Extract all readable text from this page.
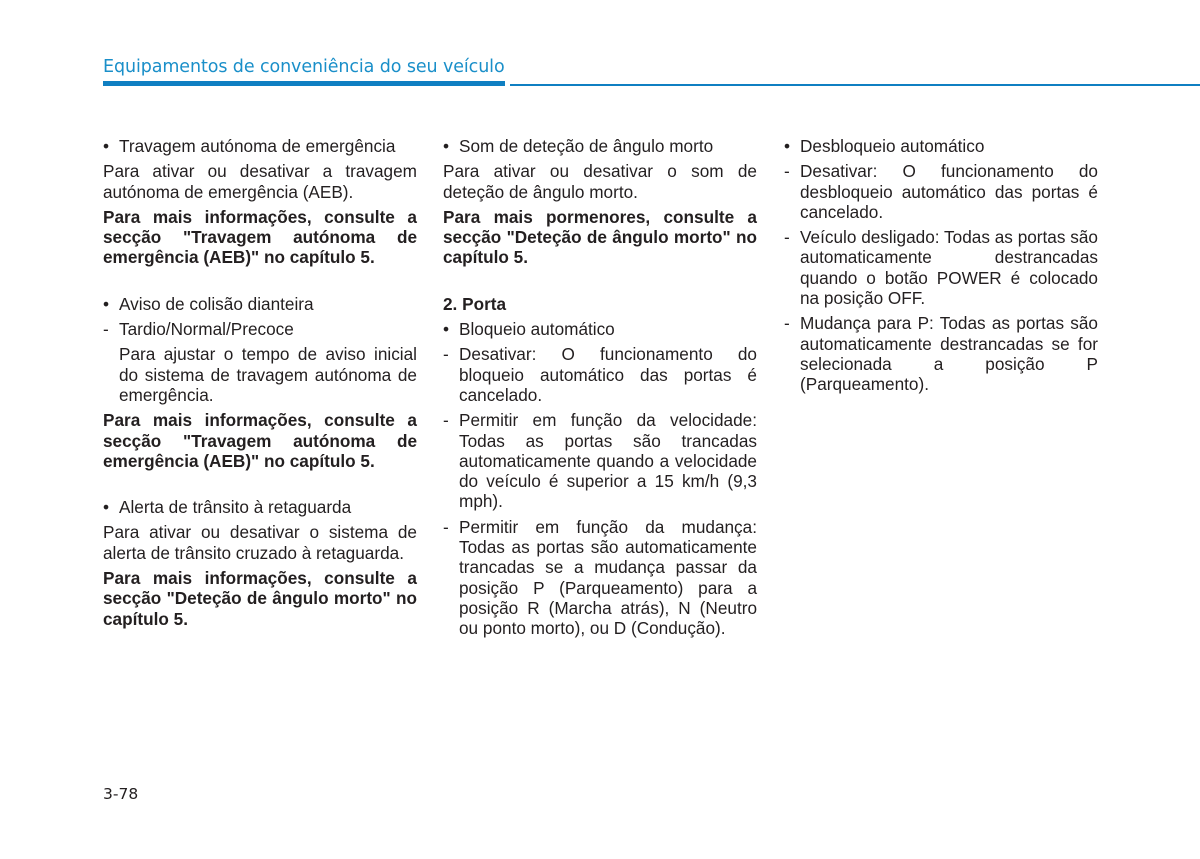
Equipamentos de conveniência do seu veículo
• Travagem autónoma de emergência

Para ativar ou desativar a travagem autónoma de emergência (AEB).

Para mais informações, consulte a secção "Travagem autónoma de emergência (AEB)" no capítulo 5.

• Aviso de colisão dianteira
- Tardio/Normal/Precoce
Para ajustar o tempo de aviso inicial do sistema de travagem autónoma de emergência.

Para mais informações, consulte a secção "Travagem autónoma de emergência (AEB)" no capítulo 5.

• Alerta de trânsito à retaguarda

Para ativar ou desativar o sistema de alerta de trânsito cruzado à retaguarda.

Para mais informações, consulte a secção "Deteção de ângulo morto" no capítulo 5.

• Som de deteção de ângulo morto

Para ativar ou desativar o som de deteção de ângulo morto.

Para mais pormenores, consulte a secção "Deteção de ângulo morto" no capítulo 5.

2. Porta

• Bloqueio automático
- Desativar: O funcionamento do bloqueio automático das portas é cancelado.
- Permitir em função da velocidade: Todas as portas são trancadas automaticamente quando a velocidade do veículo é superior a 15 km/h (9,3 mph).
- Permitir em função da mudança: Todas as portas são automaticamente trancadas se a mudança passar da posição P (Parqueamento) para a posição R (Marcha atrás), N (Neutro ou ponto morto), ou D (Condução).
• Desbloqueio automático
- Desativar: O funcionamento do desbloqueio automático das portas é cancelado.
- Veículo desligado: Todas as portas são automaticamente destrancadas quando o botão POWER é colocado na posição OFF.
- Mudança para P: Todas as portas são automaticamente destrancadas se for selecionada a posição P (Parqueamento).
3-78
